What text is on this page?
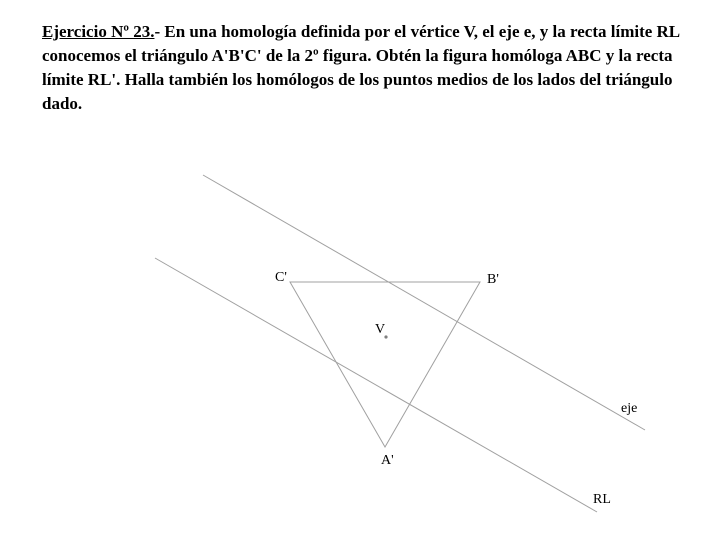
Ejercicio Nº 23.- En una homología definida por el vértice V, el eje e, y la recta límite RL conocemos el triángulo A'B'C' de la 2º figura. Obtén la figura homóloga ABC y la recta límite RL'. Halla también los homólogos de los puntos medios de los lados del triángulo dado.
V
A'
B'
C'
eje
RL
